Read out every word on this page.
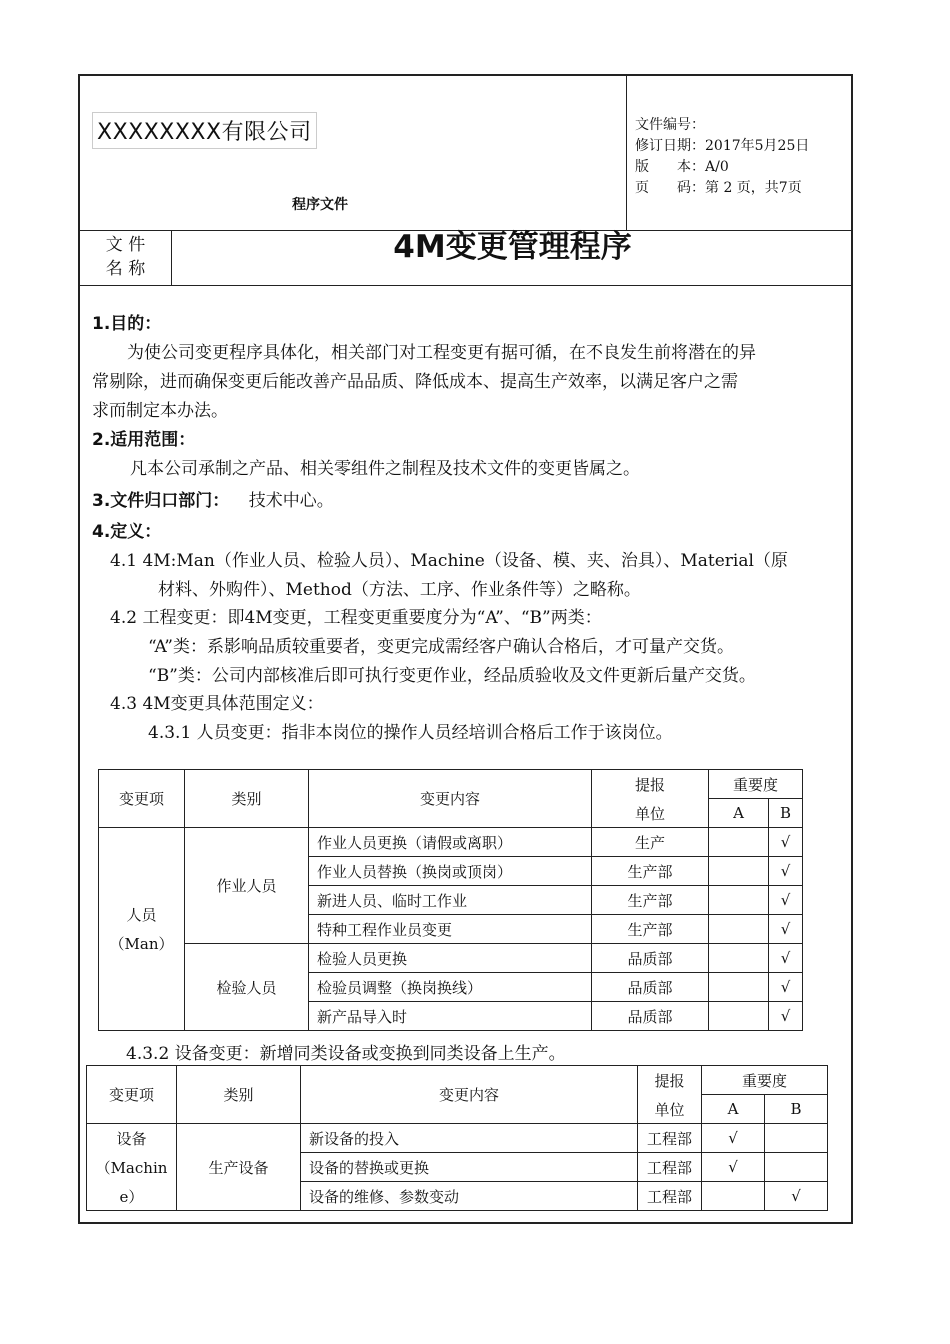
XXXXXXXX有限公司
程序文件
文件编号：
修订日期：2017年5月25日
版　　本：A/0
页　　码：第 2 页，共7页
文 件
名 称
4M变更管理程序
1.目的：
　为使公司变更程序具体化，相关部门对工程变更有据可循，在不良发生前将潜在的异
常剔除，进而确保变更后能改善产品品质、降低成本、提高生产效率，以满足客户之需
求而制定本办法。
2.适用范围：
凡本公司承制之产品、相关零组件之制程及技术文件的变更皆属之。
3.文件归口部门： 技术中心。
4.定义：
4.1 4M:Man（作业人员、检验人员）、Machine（设备、模、夹、治具）、Material（原
材料、外购件）、Method（方法、工序、作业条件等）之略称。
4.2 工程变更：即4M变更，工程变更重要度分为“A”、“B”两类：
“A”类：系影响品质较重要者，变更完成需经客户确认合格后，才可量产交货。
“B”类：公司内部核准后即可执行变更作业，经品质验收及文件更新后量产交货。
4.3 4M变更具体范围定义：
4.3.1 人员变更：指非本岗位的操作人员经培训合格后工作于该岗位。
变更项	类别	变更内容	提报
单位	重要度	
				A	B

人员
（Man）	作业人员	作业人员更换（请假或离职）	生产		√
		作业人员替换（换岗或顶岗）	生产部		√
		新进人员、临时工作业	生产部		√
		特种工程作业员变更	生产部		√
	检验人员	检验人员更换	品质部		√
		检验员调整（换岗换线）	品质部		√
		新产品导入时	品质部		√
4.3.2 设备变更：新增同类设备或变换到同类设备上生产。
变更项	类别	变更内容	提报
单位	重要度	
				A	B

设备
（Machin
e）	生产设备	新设备的投入	工程部	√	
		设备的替换或更换	工程部	√	
		设备的维修、参数变动	工程部		√
